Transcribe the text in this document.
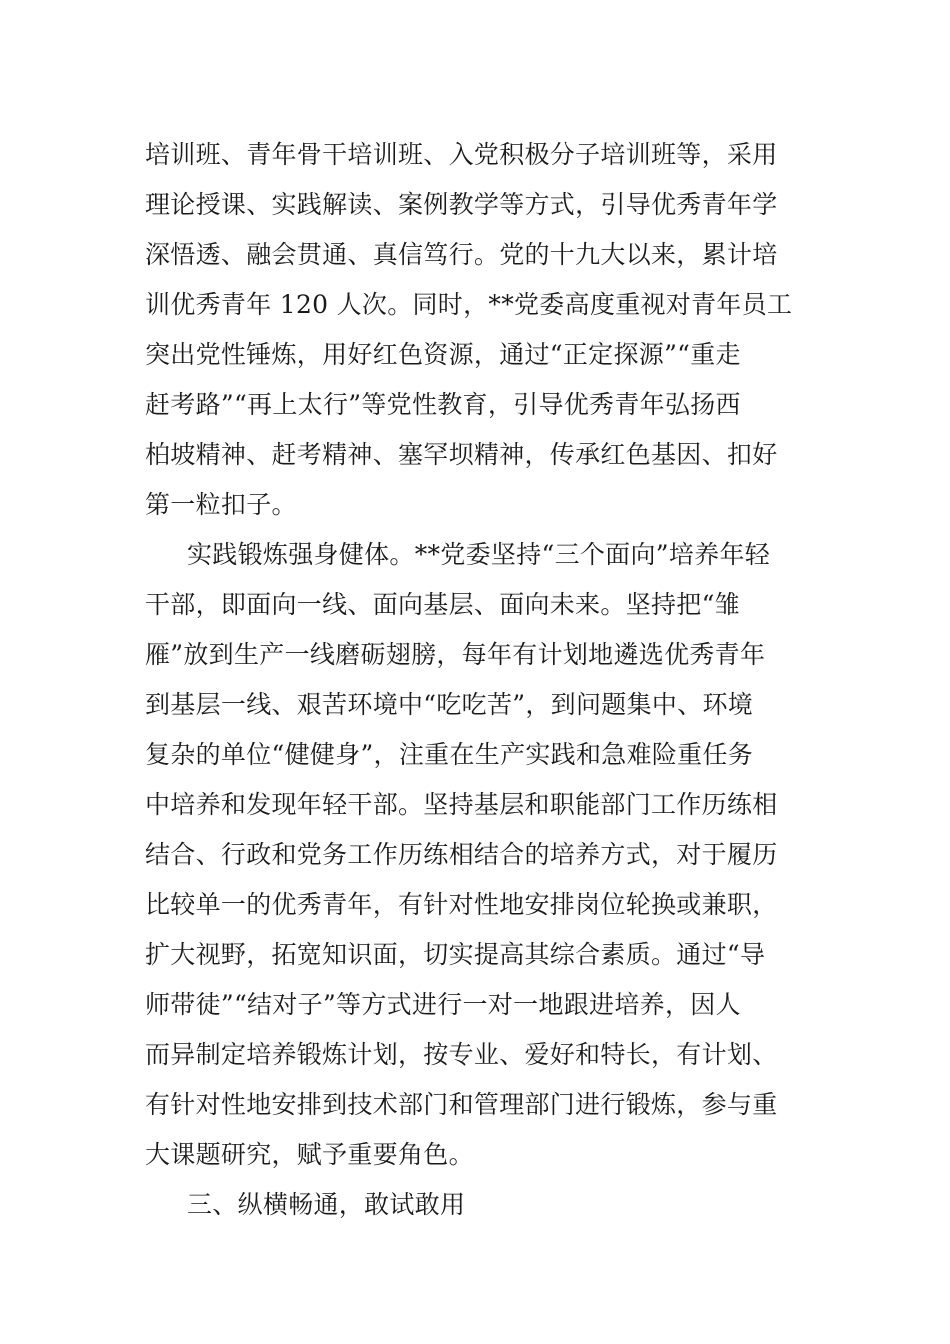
培训班、青年骨干培训班、入党积极分子培训班等，采用
理论授课、实践解读、案例教学等方式，引导优秀青年学
深悟透、融会贯通、真信笃行。党的十九大以来，累计培
训优秀青年 120 人次。同时，**党委高度重视对青年员工
突出党性锤炼，用好红色资源，通过“正定探源”“重走
赶考路”“再上太行”等党性教育，引导优秀青年弘扬西
柏坡精神、赶考精神、塞罕坝精神，传承红色基因、扣好
第一粒扣子。
实践锻炼强身健体。**党委坚持“三个面向”培养年轻
干部，即面向一线、面向基层、面向未来。坚持把“雏
雁”放到生产一线磨砺翅膀，每年有计划地遴选优秀青年
到基层一线、艰苦环境中“吃吃苦”，到问题集中、环境
复杂的单位“健健身”，注重在生产实践和急难险重任务
中培养和发现年轻干部。坚持基层和职能部门工作历练相
结合、行政和党务工作历练相结合的培养方式，对于履历
比较单一的优秀青年，有针对性地安排岗位轮换或兼职，
扩大视野，拓宽知识面，切实提高其综合素质。通过“导
师带徒”“结对子”等方式进行一对一地跟进培养，因人
而异制定培养锻炼计划，按专业、爱好和特长，有计划、
有针对性地安排到技术部门和管理部门进行锻炼，参与重
大课题研究，赋予重要角色。
三、纵横畅通，敢试敢用
